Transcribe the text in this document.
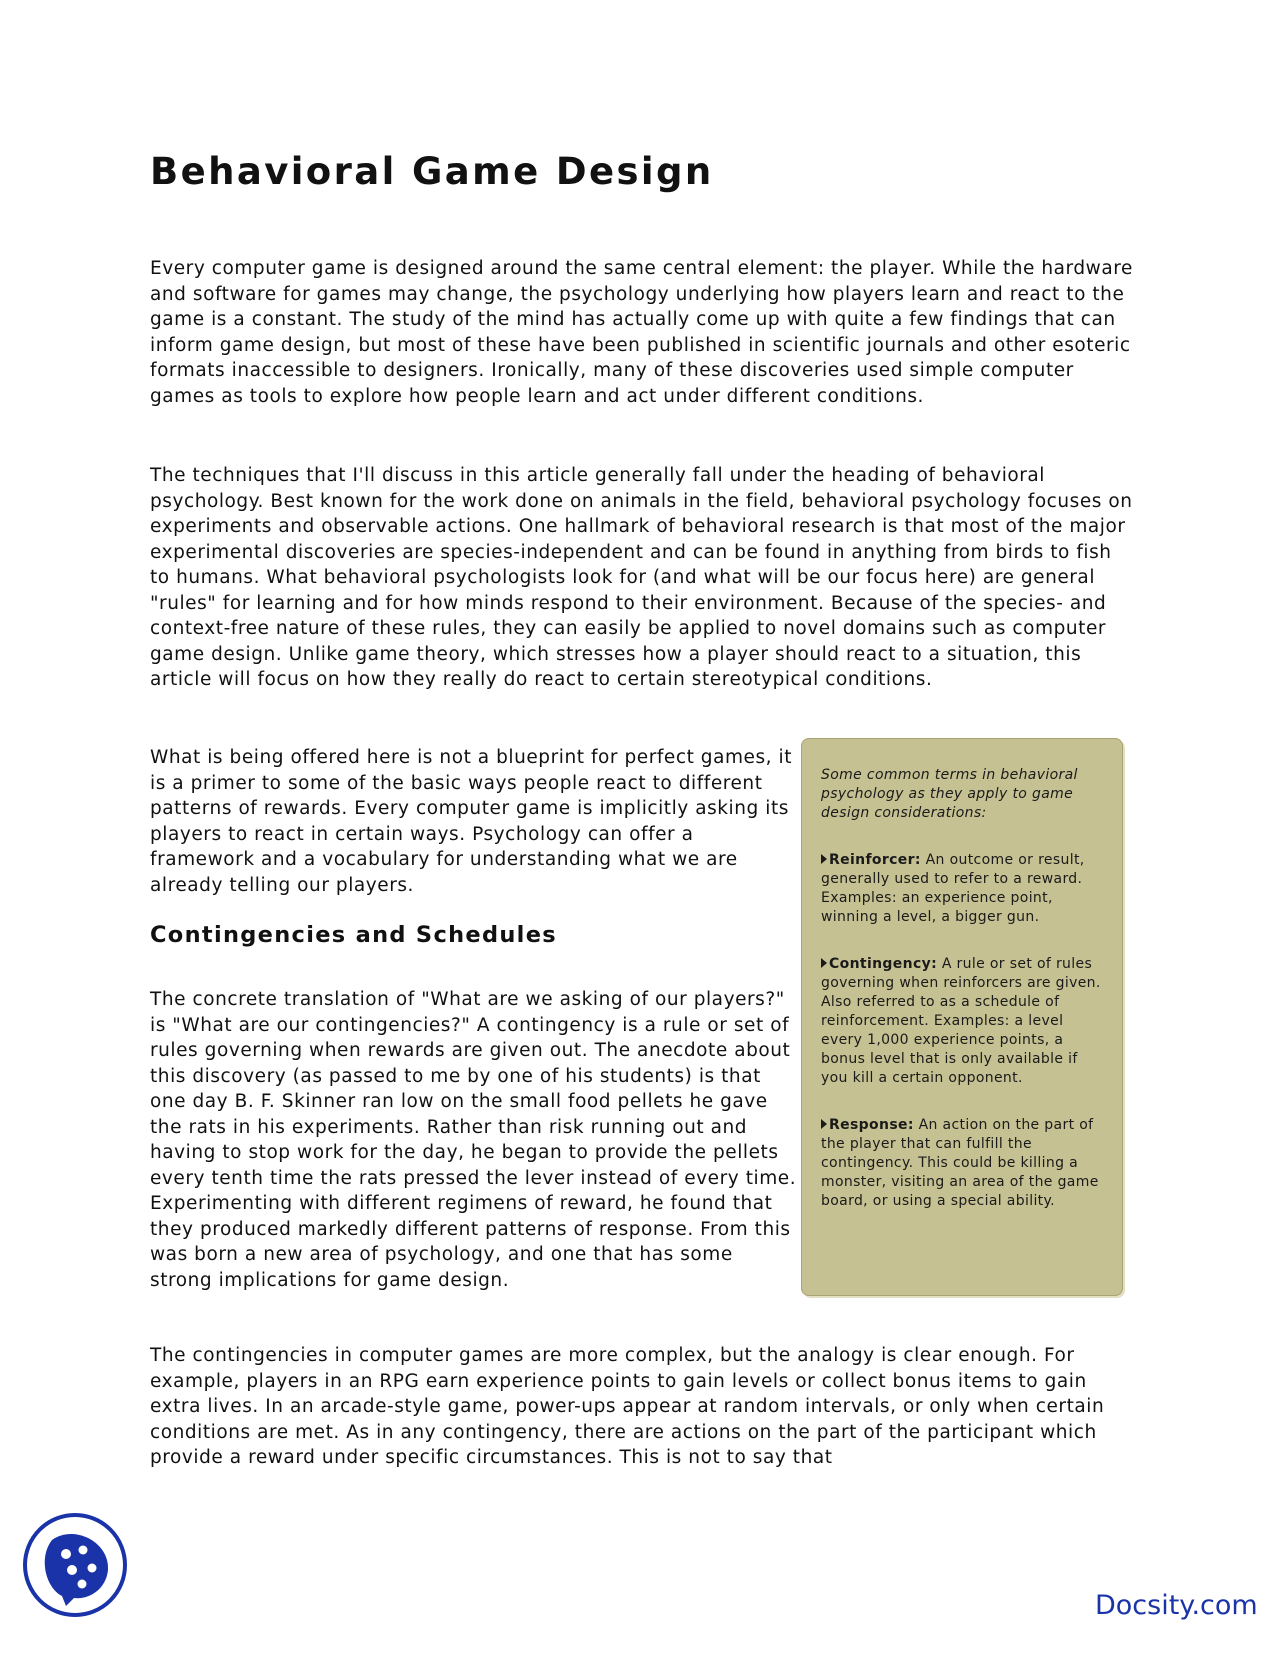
Behavioral Game Design

Every computer game is designed around the same central element: the player. While the hardware and software for games may change, the psychology underlying how players learn and react to the game is a constant. The study of the mind has actually come up with quite a few findings that can inform game design, but most of these have been published in scientific journals and other esoteric formats inaccessible to designers. Ironically, many of these discoveries used simple computer games as tools to explore how people learn and act under different conditions.

The techniques that I'll discuss in this article generally fall under the heading of behavioral psychology. Best known for the work done on animals in the field, behavioral psychology focuses on experiments and observable actions. One hallmark of behavioral research is that most of the major experimental discoveries are species-independent and can be found in anything from birds to fish to humans. What behavioral psychologists look for (and what will be our focus here) are general "rules" for learning and for how minds respond to their environment. Because of the species- and context-free nature of these rules, they can easily be applied to novel domains such as computer game design. Unlike game theory, which stresses how a player should react to a situation, this article will focus on how they really do react to certain stereotypical conditions.

What is being offered here is not a blueprint for perfect games, it is a primer to some of the basic ways people react to different patterns of rewards. Every computer game is implicitly asking its players to react in certain ways. Psychology can offer a framework and a vocabulary for understanding what we are already telling our players.

Contingencies and Schedules

The concrete translation of "What are we asking of our players?" is "What are our contingencies?" A contingency is a rule or set of rules governing when rewards are given out. The anecdote about this discovery (as passed to me by one of his students) is that one day B. F. Skinner ran low on the small food pellets he gave the rats in his experiments. Rather than risk running out and having to stop work for the day, he began to provide the pellets every tenth time the rats pressed the lever instead of every time. Experimenting with different regimens of reward, he found that they produced markedly different patterns of response. From this was born a new area of psychology, and one that has some strong implications for game design.

The contingencies in computer games are more complex, but the analogy is clear enough. For example, players in an RPG earn experience points to gain levels or collect bonus items to gain extra lives. In an arcade-style game, power-ups appear at random intervals, or only when certain conditions are met. As in any contingency, there are actions on the part of the participant which provide a reward under specific circumstances. This is not to say that

Some common terms in behavioral psychology as they apply to game design considerations:

Reinforcer: An outcome or result, generally used to refer to a reward. Examples: an experience point, winning a level, a bigger gun.

Contingency: A rule or set of rules governing when reinforcers are given. Also referred to as a schedule of reinforcement. Examples: a level every 1,000 experience points, a bonus level that is only available if you kill a certain opponent.

Response: An action on the part of the player that can fulfill the contingency. This could be killing a monster, visiting an area of the game board, or using a special ability.

Docsity.com
